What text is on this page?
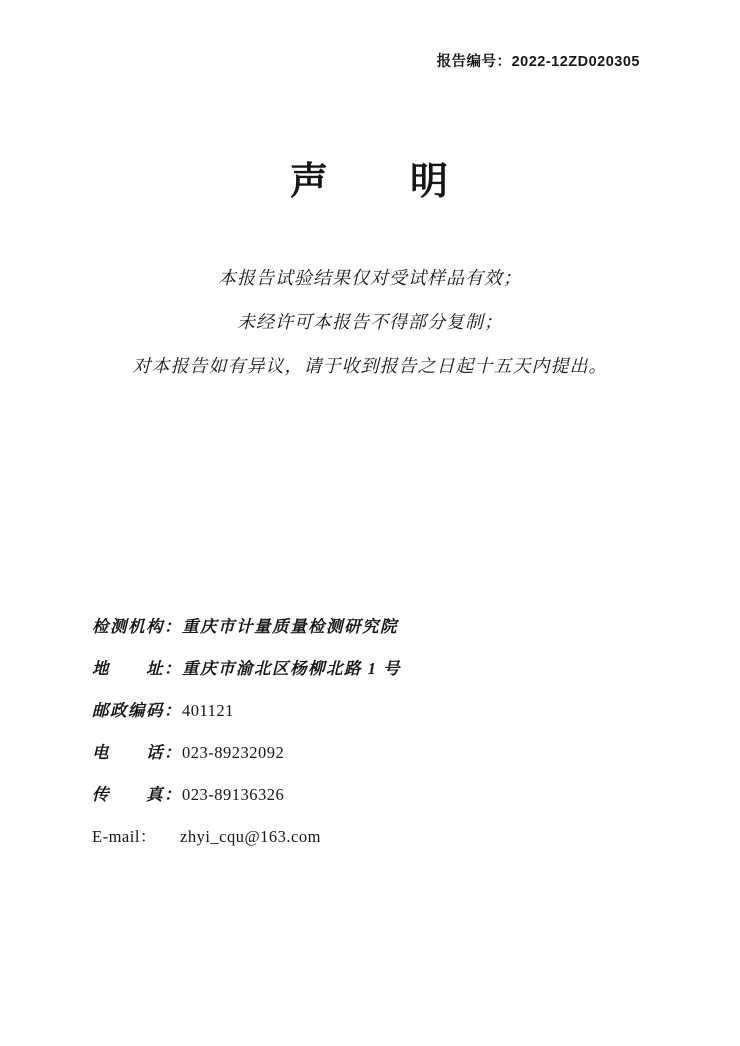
报告编号：2022-12ZD020305
声　　明
本报告试验结果仅对受试样品有效；
未经许可本报告不得部分复制；
对本报告如有异议，请于收到报告之日起十五天内提出。
检测机构：重庆市计量质量检测研究院
地　　址：重庆市渝北区杨柳北路 1 号
邮政编码：401121
电　　话：023-89232092
传　　真：023-89136326
E-mail： zhyi_cqu@163.com
